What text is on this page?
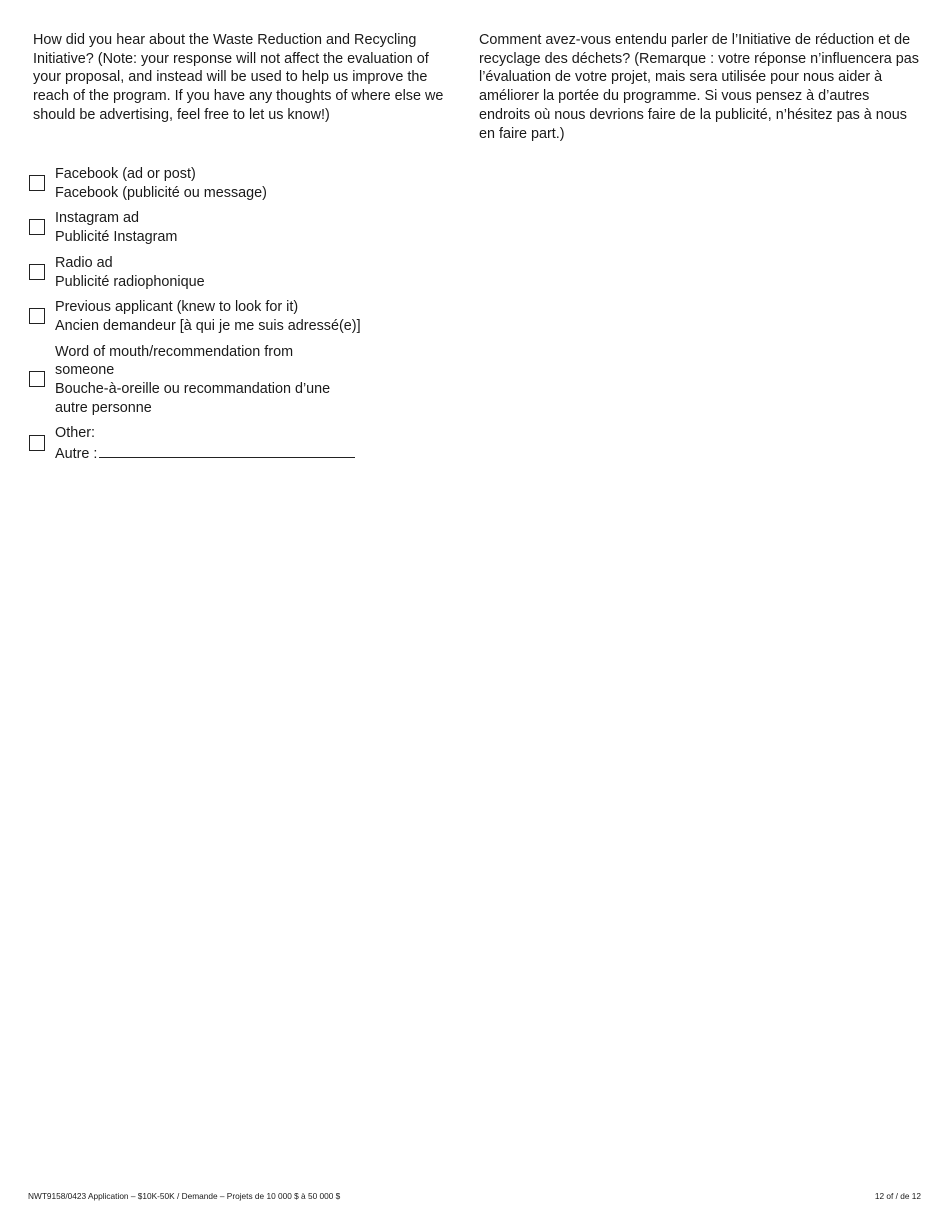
How did you hear about the Waste Reduction and Recycling Initiative? (Note: your response will not affect the evaluation of your proposal, and instead will be used to help us improve the reach of the program. If you have any thoughts of where else we should be advertising, feel free to let us know!)
Comment avez-vous entendu parler de l’Initiative de réduction et de recyclage des déchets? (Remarque : votre réponse n’influencera pas l’évaluation de votre projet, mais sera utilisée pour nous aider à améliorer la portée du programme. Si vous pensez à d’autres endroits où nous devrions faire de la publicité, n’hésitez pas à nous en faire part.)
Facebook (ad or post)
Facebook (publicité ou message)
Instagram ad
Publicité Instagram
Radio ad
Publicité radiophonique
Previous applicant (knew to look for it)
Ancien demandeur [à qui je me suis adressé(e)]
Word of mouth/recommendation from someone
Bouche-à-oreille ou recommandation d’une autre personne
Other:
Autre :
NWT9158/0423 Application – $10K-50K / Demande – Projets de 10 000 $ à 50 000 $	12 of / de 12
